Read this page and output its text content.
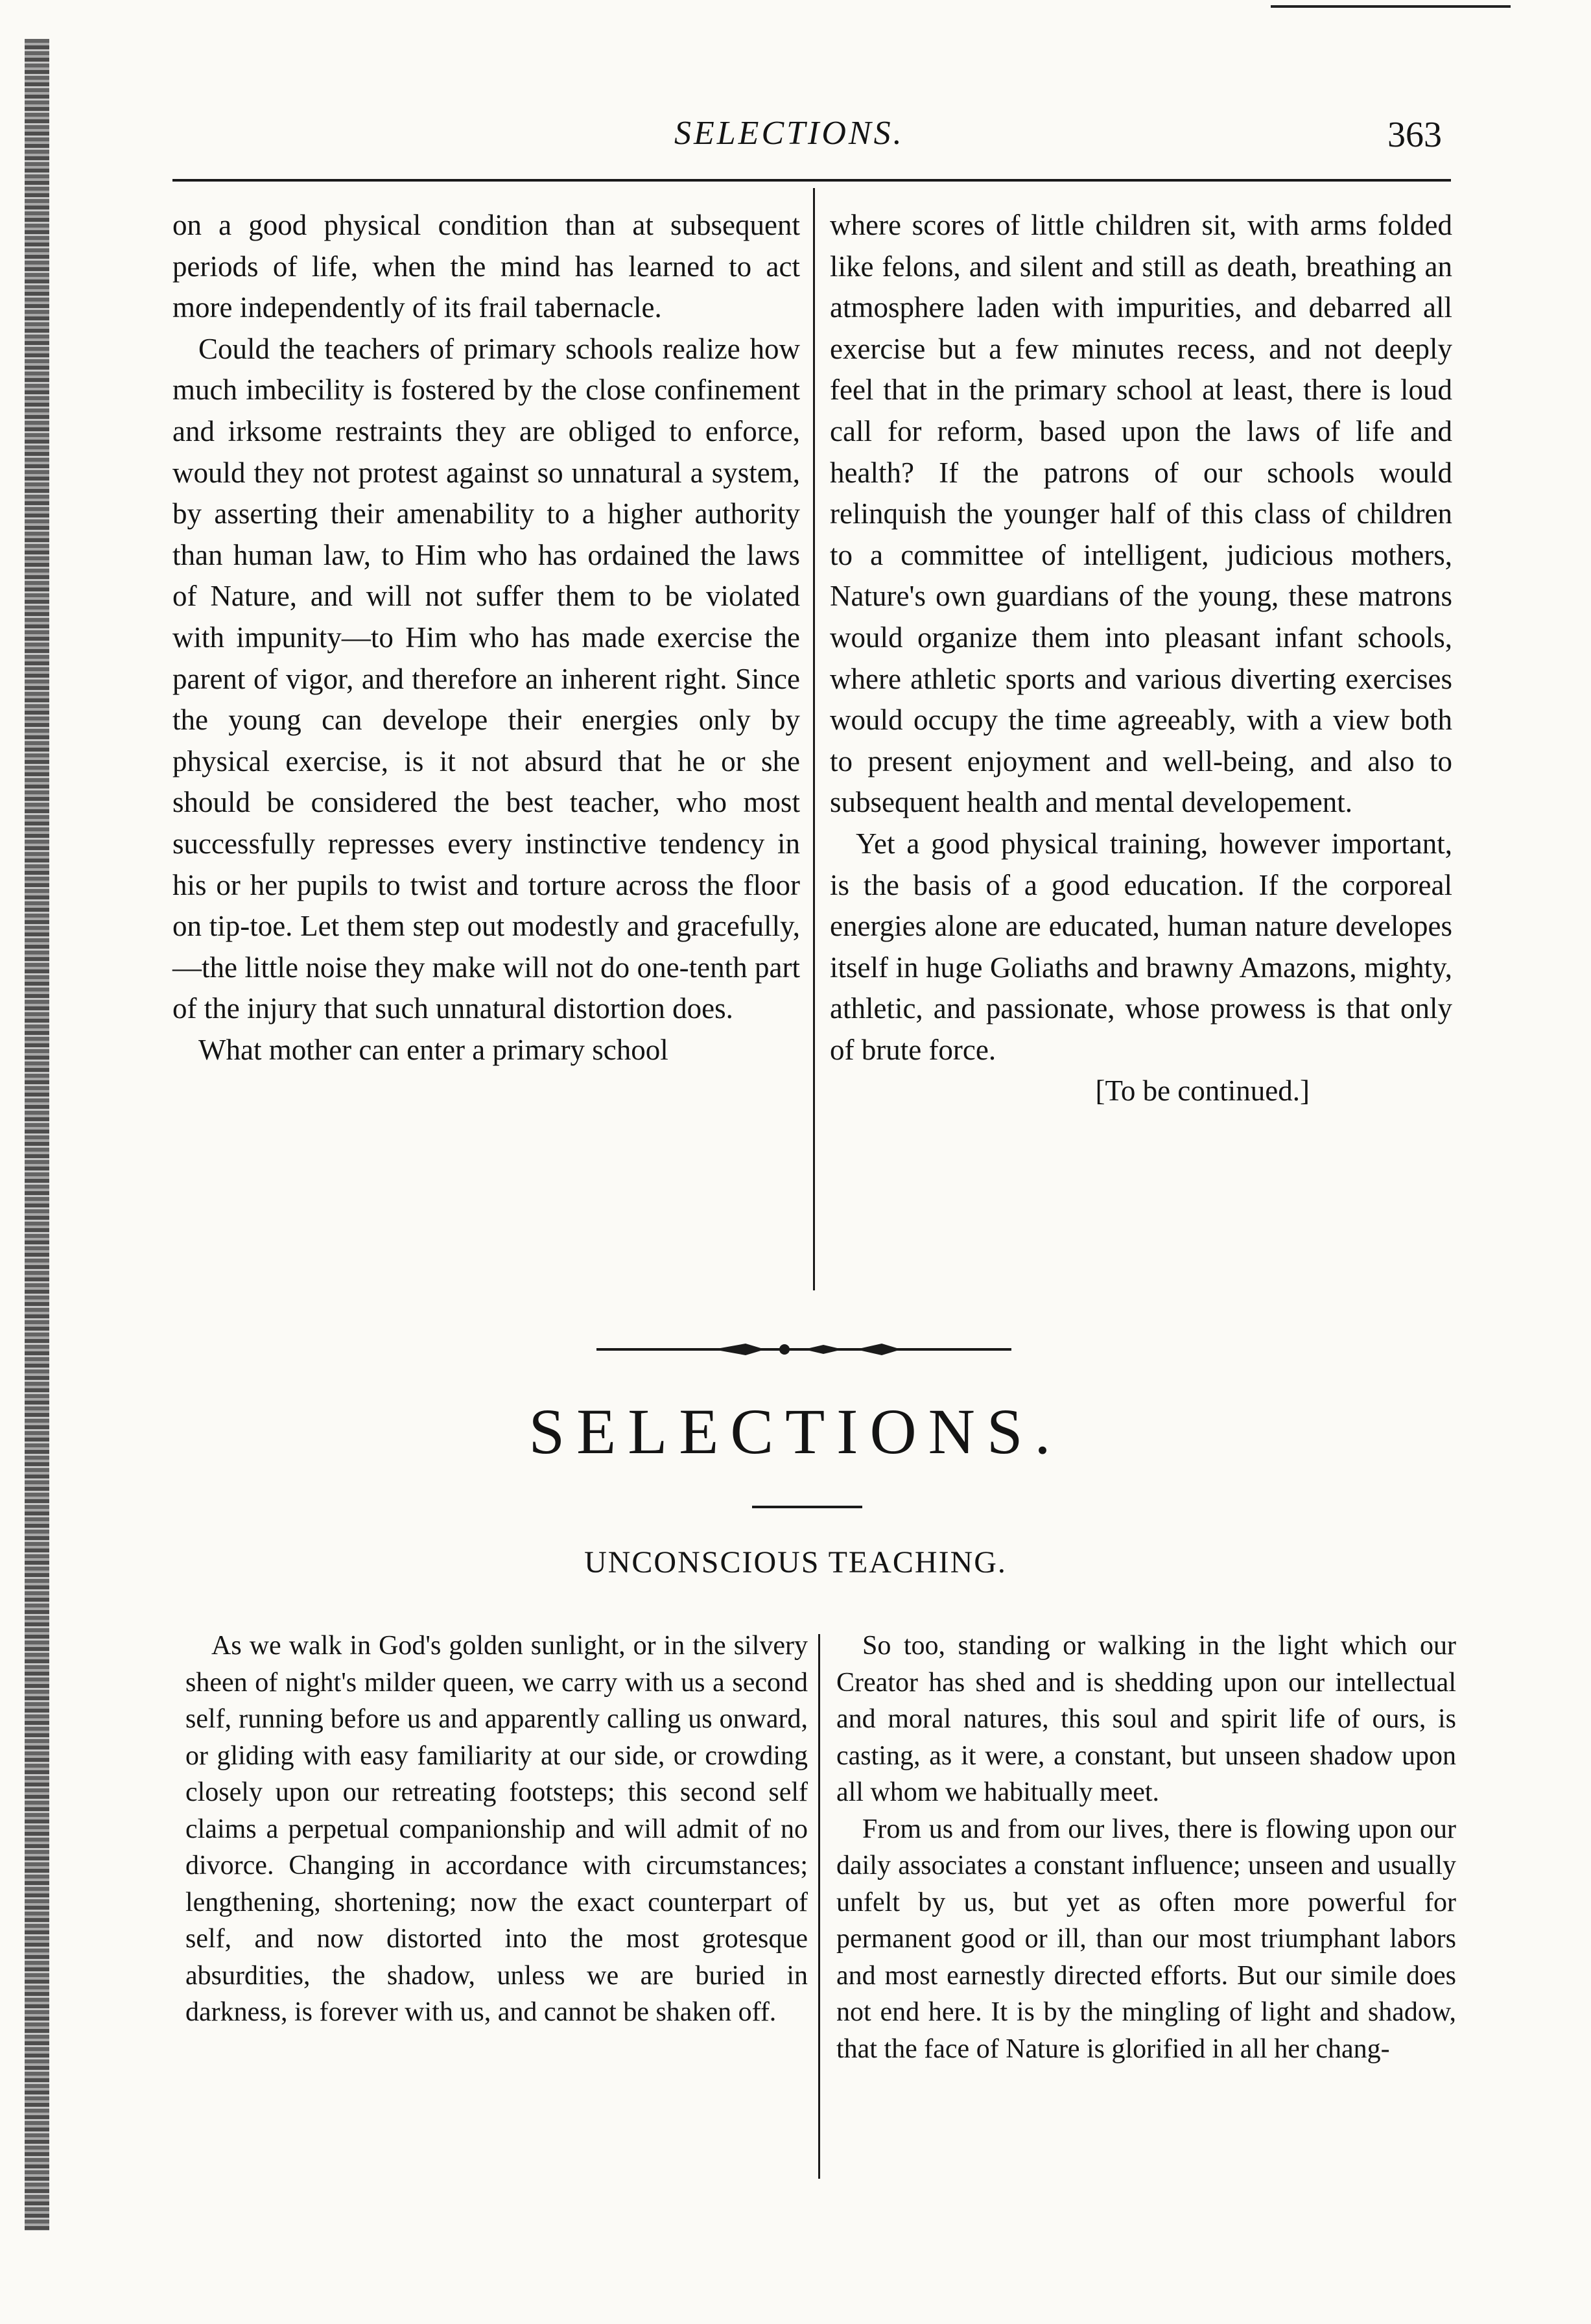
SELECTIONS.	363

on a good physical condition than at subsequent periods of life, when the mind has learned to act more independently of its frail tabernacle.

Could the teachers of primary schools realize how much imbecility is fostered by the close confinement and irksome restraints they are obliged to enforce, would they not protest against so unnatural a system, by asserting their amenability to a higher authority than human law, to Him who has ordained the laws of Nature, and will not suffer them to be violated with impunity—to Him who has made exercise the parent of vigor, and therefore an inherent right. Since the young can develope their energies only by physical exercise, is it not absurd that he or she should be considered the best teacher, who most successfully represses every instinctive tendency in his or her pupils to twist and torture across the floor on tip-toe. Let them step out modestly and gracefully,—the little noise they make will not do one-tenth part of the injury that such unnatural distortion does.

What mother can enter a primary school

where scores of little children sit, with arms folded like felons, and silent and still as death, breathing an atmosphere laden with impurities, and debarred all exercise but a few minutes recess, and not deeply feel that in the primary school at least, there is loud call for reform, based upon the laws of life and health? If the patrons of our schools would relinquish the younger half of this class of children to a committee of intelligent, judicious mothers, Nature's own guardians of the young, these matrons would organize them into pleasant infant schools, where athletic sports and various diverting exercises would occupy the time agreeably, with a view both to present enjoyment and well-being, and also to subsequent health and mental developement.

Yet a good physical training, however important, is the basis of a good education. If the corporeal energies alone are educated, human nature developes itself in huge Goliaths and brawny Amazons, mighty, athletic, and passionate, whose prowess is that only of brute force.

[To be continued.]

SELECTIONS.
UNCONSCIOUS TEACHING.

As we walk in God's golden sunlight, or in the silvery sheen of night's milder queen, we carry with us a second self, running before us and apparently calling us onward, or gliding with easy familiarity at our side, or crowding closely upon our retreating footsteps; this second self claims a perpetual companionship and will admit of no divorce. Changing in accordance with circumstances; lengthening, shortening; now the exact counterpart of self, and now distorted into the most grotesque absurdities, the shadow, unless we are buried in darkness, is forever with us, and cannot be shaken off.

So too, standing or walking in the light which our Creator has shed and is shedding upon our intellectual and moral natures, this soul and spirit life of ours, is casting, as it were, a constant, but unseen shadow upon all whom we habitually meet.

From us and from our lives, there is flowing upon our daily associates a constant influence; unseen and usually unfelt by us, but yet as often more powerful for permanent good or ill, than our most triumphant labors and most earnestly directed efforts. But our simile does not end here. It is by the mingling of light and shadow, that the face of Nature is glorified in all her chang-
